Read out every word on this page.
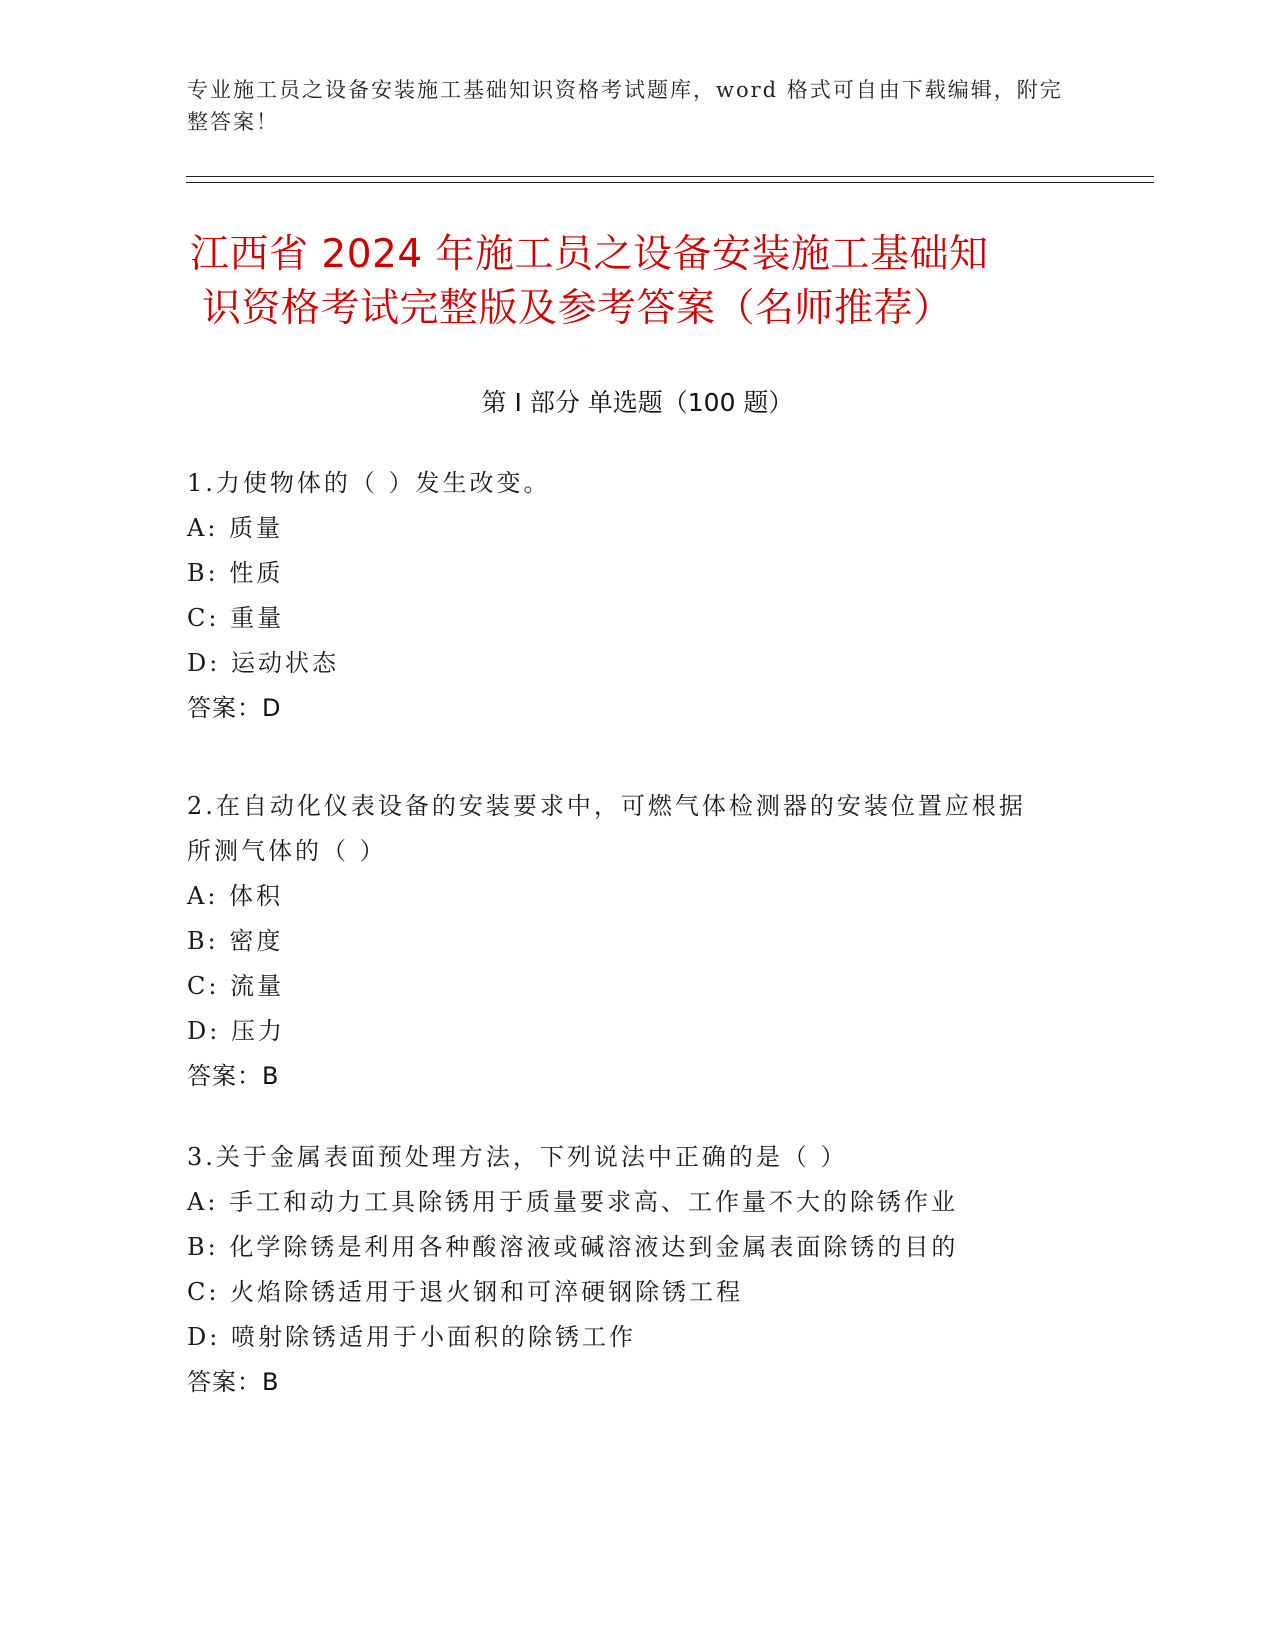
专业施工员之设备安装施工基础知识资格考试题库，word 格式可自由下载编辑，附完整答案！
江西省 2024 年施工员之设备安装施工基础知
识资格考试完整版及参考答案（名师推荐）
第 I 部分 单选题（100 题）
1.力使物体的（ ）发生改变。
A: 质量
B: 性质
C: 重量
D: 运动状态
答案：D
2.在自动化仪表设备的安装要求中，可燃气体检测器的安装位置应根据所测气体的（ ）
A: 体积
B: 密度
C: 流量
D: 压力
答案：B
3.关于金属表面预处理方法，下列说法中正确的是（ ）
A: 手工和动力工具除锈用于质量要求高、工作量不大的除锈作业
B: 化学除锈是利用各种酸溶液或碱溶液达到金属表面除锈的目的
C: 火焰除锈适用于退火钢和可淬硬钢除锈工程
D: 喷射除锈适用于小面积的除锈工作
答案：B
